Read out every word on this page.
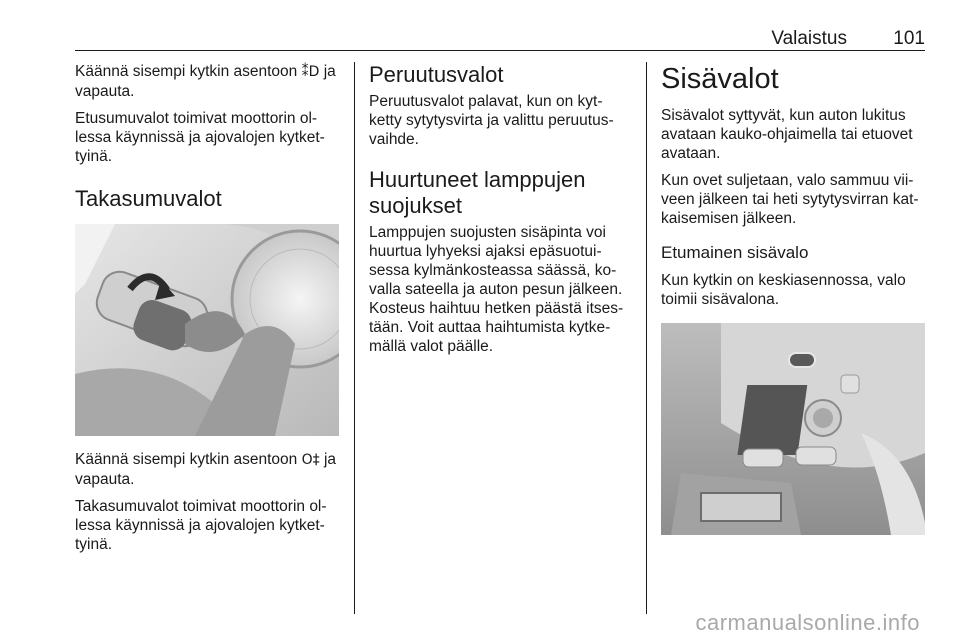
Valaistus 101

Käännä sisempi kytkin asentoon ⁑D ja vapauta.

Etusumuvalot toimivat moottorin ol- lessa käynnissä ja ajovalojen kytket- tyinä.

Takasumuvalot

Käännä sisempi kytkin asentoon O‡ ja vapauta.

Takasumuvalot toimivat moottorin ol- lessa käynnissä ja ajovalojen kytket- tyinä.

Peruutusvalot

Peruutusvalot palavat, kun on kyt- ketty sytytysvirta ja valittu peruutus- vaihde.

Huurtuneet lamppujen suojukset

Lamppujen suojusten sisäpinta voi huurtua lyhyeksi ajaksi epäsuotui- sessa kylmänkosteassa säässä, ko- valla sateella ja auton pesun jälkeen. Kosteus haihtuu hetken päästä itses- tään. Voit auttaa haihtumista kytke- mällä valot päälle.

Sisävalot

Sisävalot syttyvät, kun auton lukitus avataan kauko-ohjaimella tai etuovet avataan.

Kun ovet suljetaan, valo sammuu vii- veen jälkeen tai heti sytytysvirran kat- kaisemisen jälkeen.

Etumainen sisävalo

Kun kytkin on keskiasennossa, valo toimii sisävalona.

carmanualsonline.info
